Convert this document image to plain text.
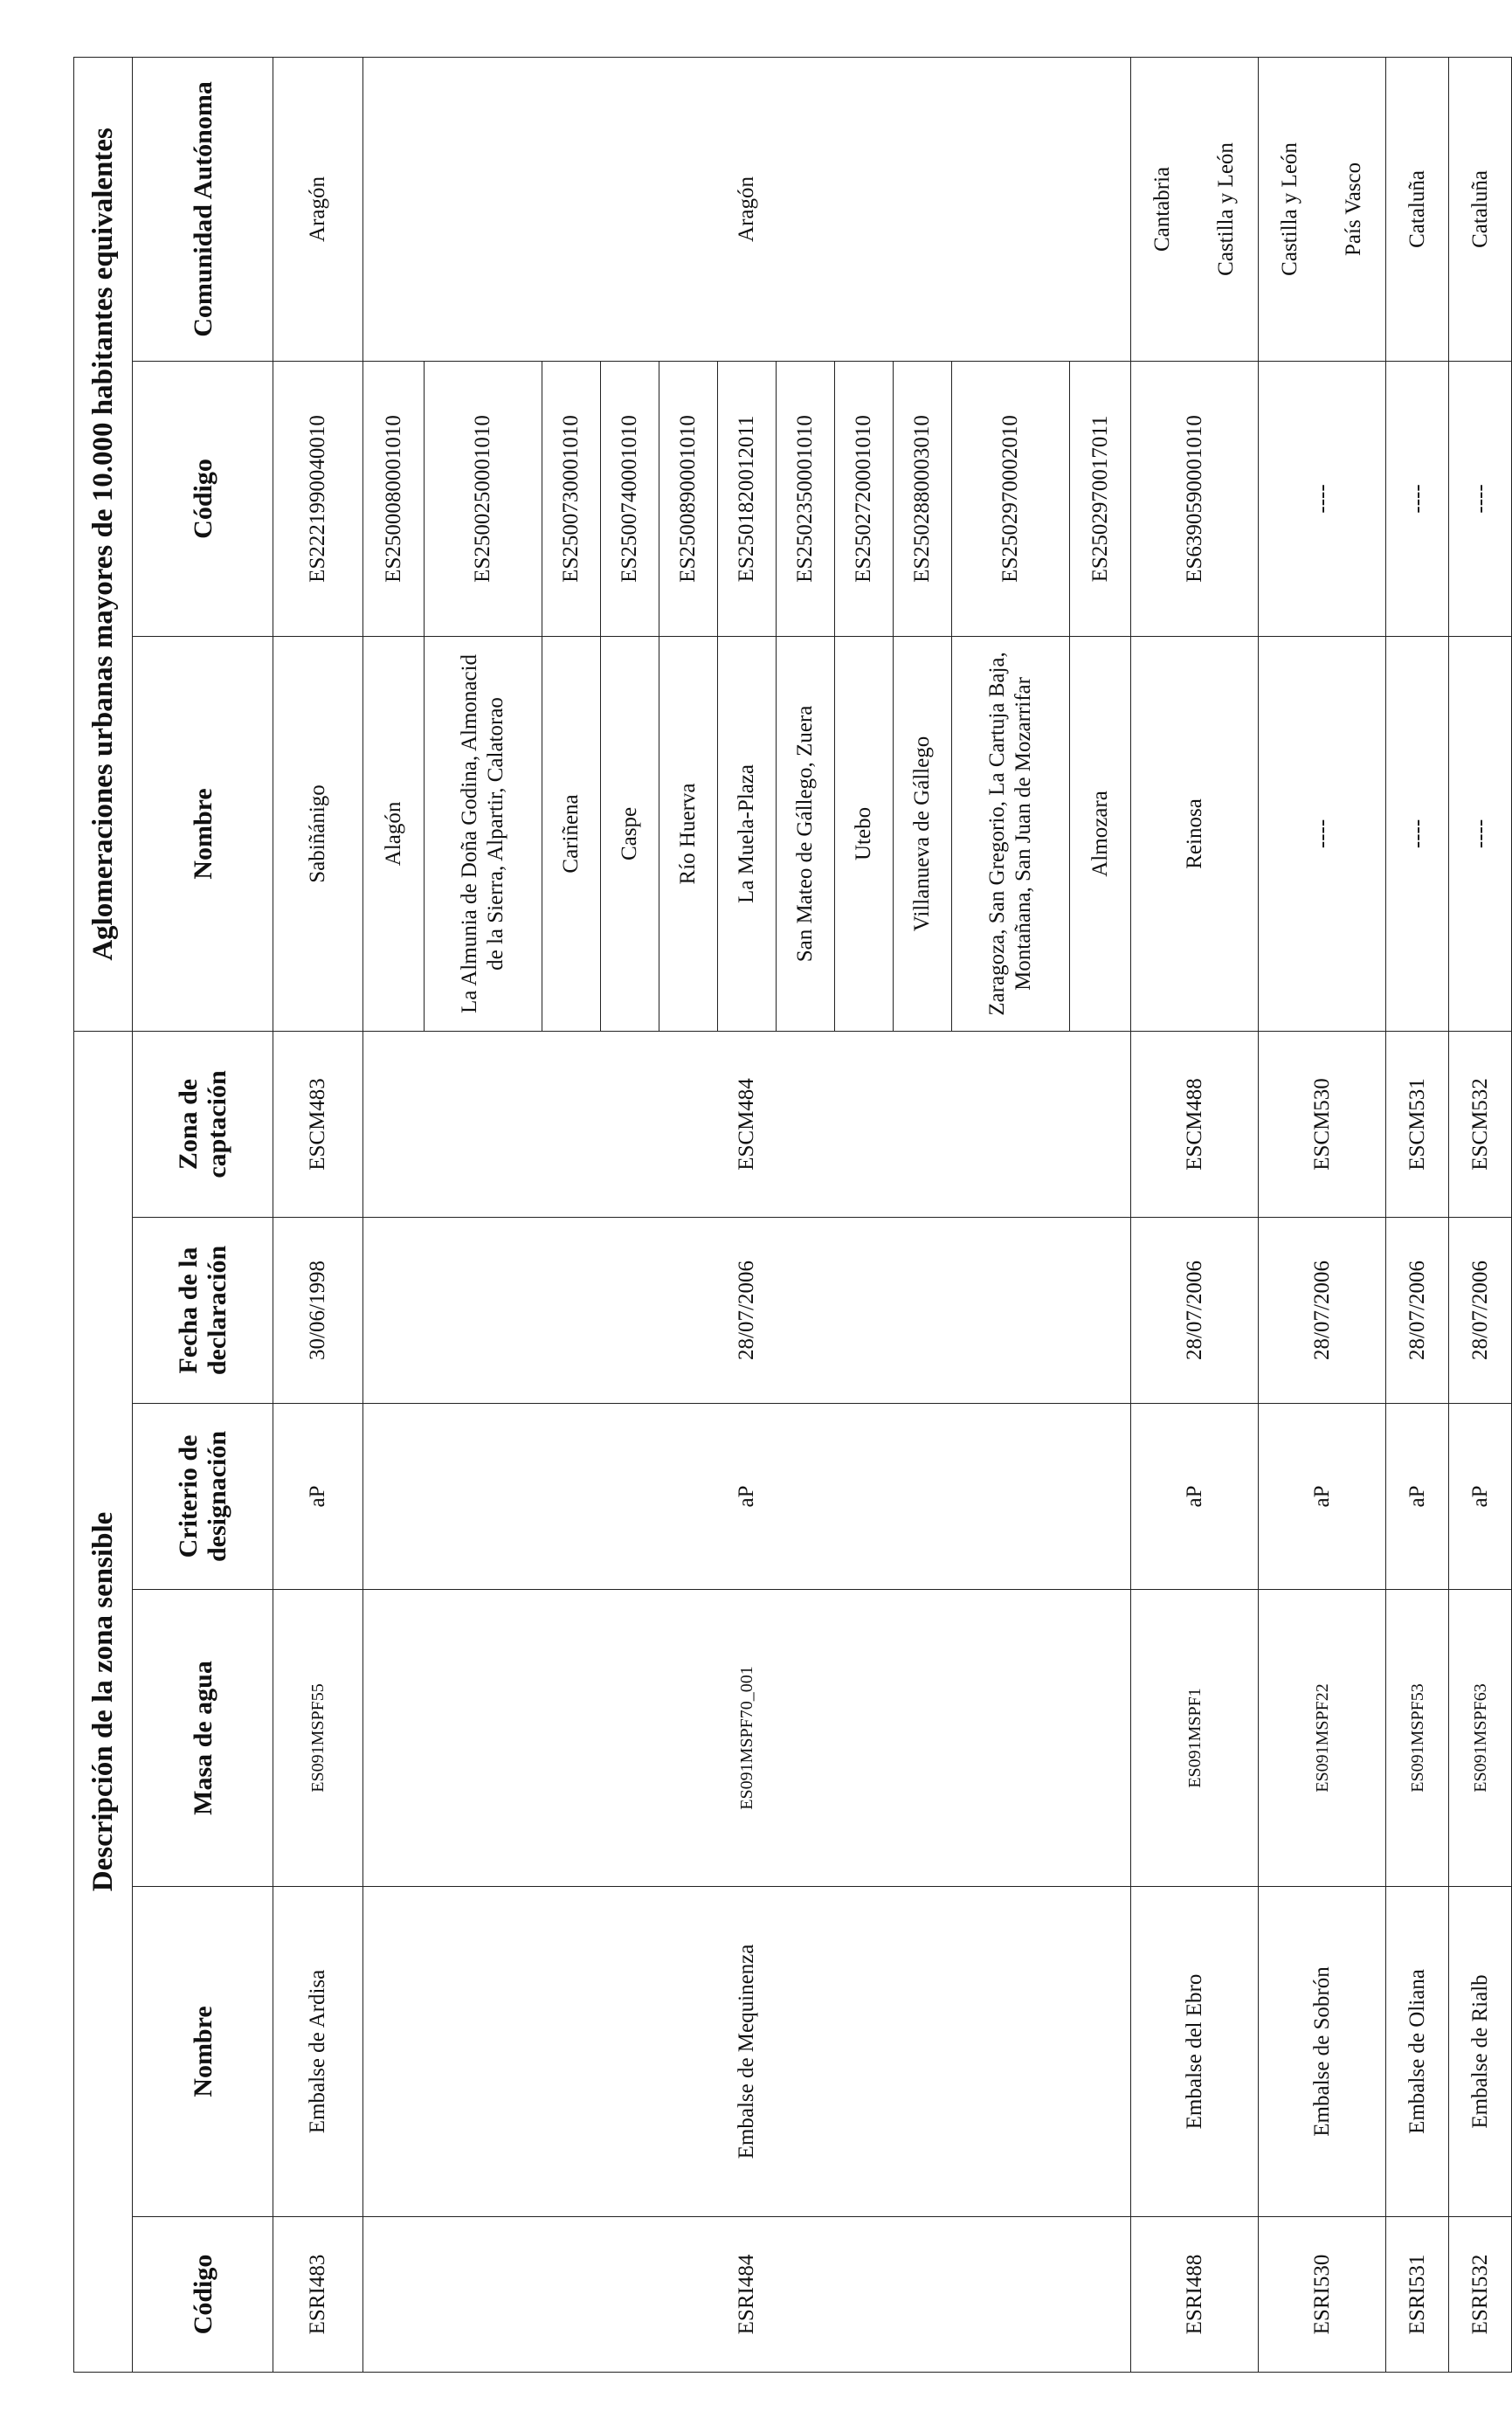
Descripción de la zona sensible						Aglomeraciones urbanas mayores de 10.000 habitantes equivalentes		
Código	Nombre	Masa de agua	Criterio de designación	Fecha de la declaración	Zona de captación	Nombre	Código	Comunidad Autónoma
ESRI483	Embalse de Ardisa	ES091MSPF55	aP	30/06/1998	ESCM483	Sabiñánigo	ES2221990040010	Aragón
ESRI484	Embalse de Mequinenza	ES091MSPF70_001	aP	28/07/2006	ESCM484	Alagón	ES2500080001010	Aragón
						La Almunia de Doña Godina, Almonacid de la Sierra, Alpartir, Calatorao	ES2500250001010	
						Cariñena	ES2500730001010	
						Caspe	ES2500740001010	
						Río Huerva	ES2500890001010	
						La Muela-Plaza	ES2501820012011	
						San Mateo de Gállego, Zuera	ES2502350001010	
						Utebo	ES2502720001010	
						Villanueva de Gállego	ES2502880003010	
						Zaragoza, San Gregorio, La Cartuja Baja, Montañana, San Juan de Mozarrifar	ES2502970002010	
						Almozara	ES2502970017011	
ESRI488	Embalse del Ebro	ES091MSPF1	aP	28/07/2006	ESCM488	Reinosa	ES6390590001010	Cantabria
								Castilla y León
ESRI530	Embalse de Sobrón	ES091MSPF22	aP	28/07/2006	ESCM530	----	----	Castilla y León
								País Vasco
ESRI531	Embalse de Oliana	ES091MSPF53	aP	28/07/2006	ESCM531	----	----	Cataluña
ESRI532	Embalse de Rialb	ES091MSPF63	aP	28/07/2006	ESCM532	----	----	Cataluña
